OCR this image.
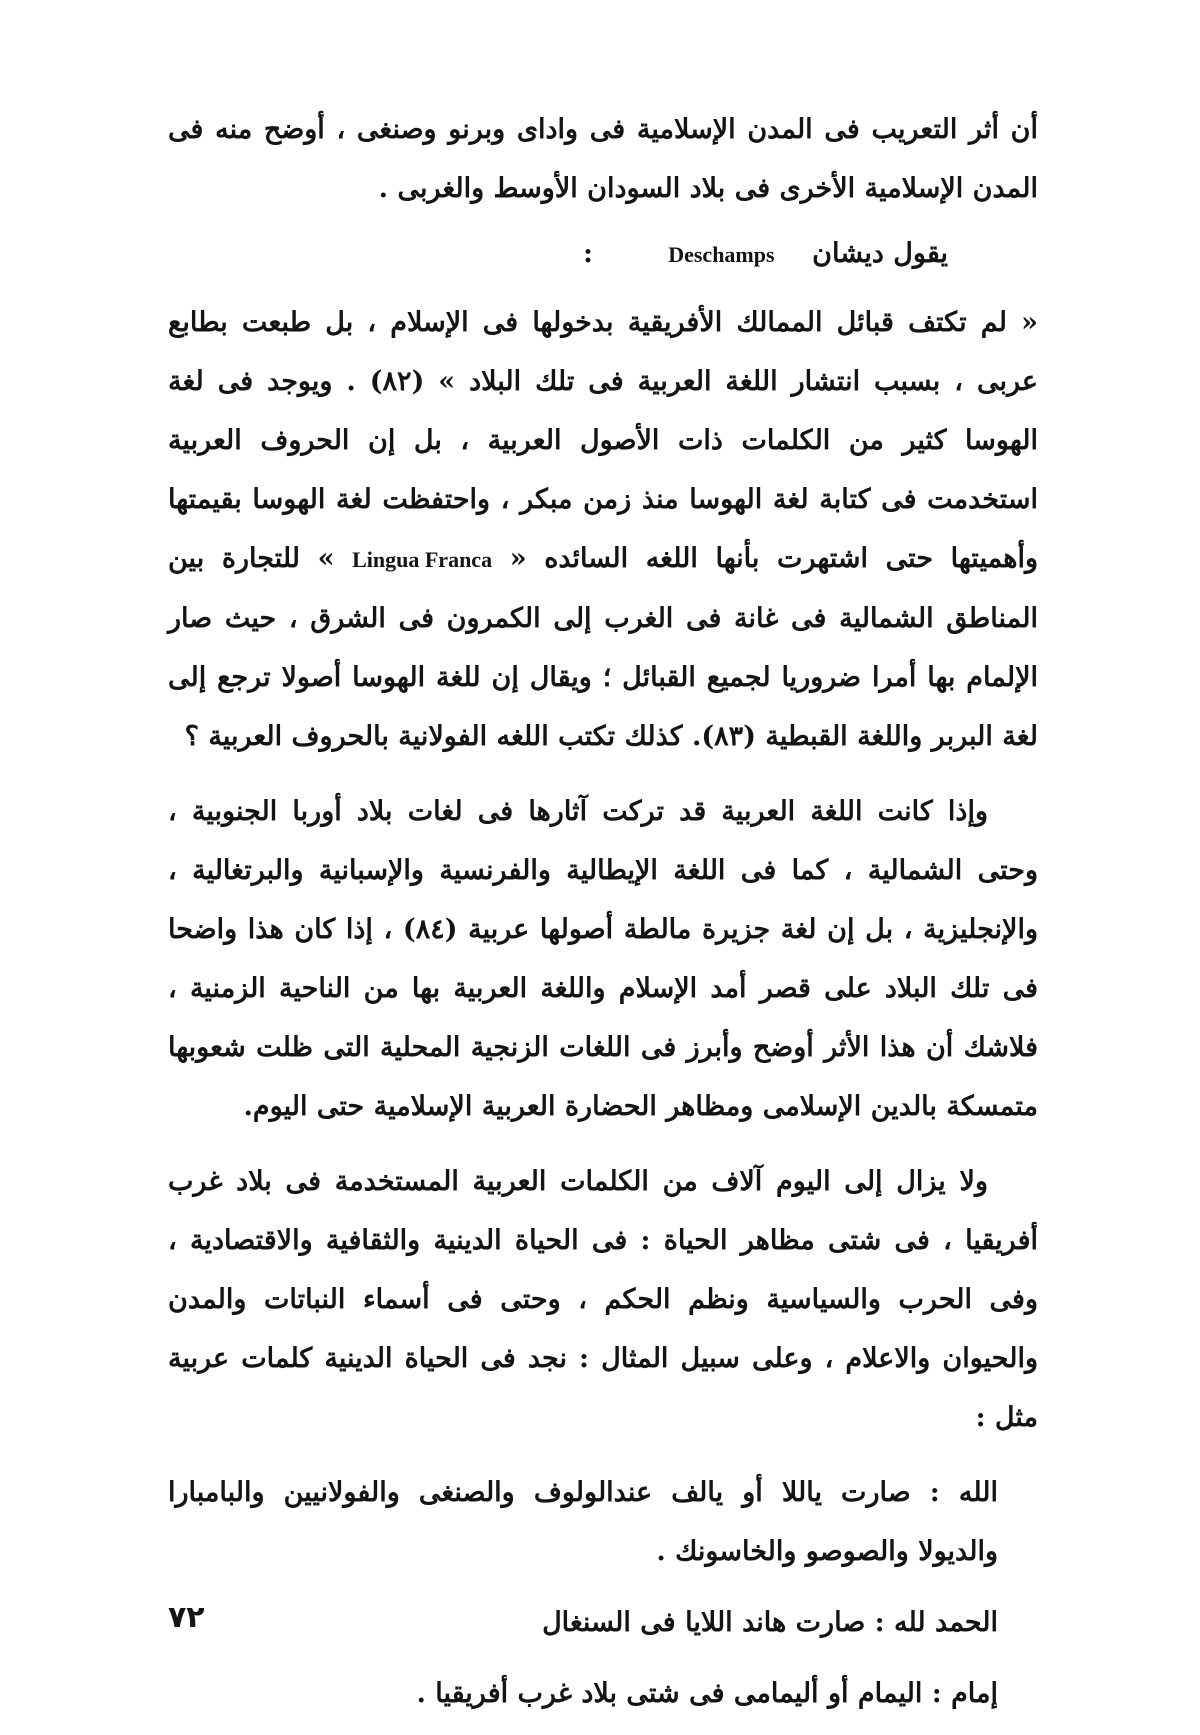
أن أثر التعريب فى المدن الإسلامية فى واداى وبرنو وصنغى ، أوضح منه فى المدن الإسلامية الأخرى فى بلاد السودان الأوسط والغربى .

يقول ديشان    Deschamps        :

« لم تكتف قبائل الممالك الأفريقية بدخولها فى الإسلام ، بل طبعت بطابع عربى ، بسبب انتشار اللغة العربية فى تلك البلاد » (٨٢) . ويوجد فى لغة الهوسا كثير من الكلمات ذات الأصول العربية ، بل إن الحروف العربية استخدمت فى كتابة لغة الهوسا منذ زمن مبكر ، واحتفظت لغة الهوسا بقيمتها وأهميتها حتى اشتهرت بأنها اللغه السائده « Lingua Franca » للتجارة بين المناطق الشمالية فى غانة فى الغرب إلى الكمرون فى الشرق ، حيث صار الإلمام بها أمرا ضروريا لجميع القبائل ؛ ويقال إن للغة الهوسا أصولا ترجع إلى لغة البربر واللغة القبطية (٨٣). كذلك تكتب اللغه الفولانية بالحروف العربية ؟

وإذا كانت اللغة العربية قد تركت آثارها فى لغات بلاد أوربا الجنوبية ، وحتى الشمالية ، كما فى اللغة الإيطالية والفرنسية والإسبانية والبرتغالية ، والإنجليزية ، بل إن لغة جزيرة مالطة أصولها عربية (٨٤) ، إذا كان هذا واضحا فى تلك البلاد على قصر أمد الإسلام واللغة العربية بها من الناحية الزمنية ، فلاشك أن هذا الأثر أوضح وأبرز فى اللغات الزنجية المحلية التى ظلت شعوبها متمسكة بالدين الإسلامى ومظاهر الحضارة العربية الإسلامية حتى اليوم.

ولا يزال إلى اليوم آلاف من الكلمات العربية المستخدمة فى بلاد غرب أفريقيا ، فى شتى مظاهر الحياة : فى الحياة الدينية والثقافية والاقتصادية ، وفى الحرب والسياسية ونظم الحكم ، وحتى فى أسماء النباتات والمدن والحيوان والاعلام ، وعلى سبيل المثال : نجد فى الحياة الدينية كلمات عربية مثل :

الله : صارت ياللا أو يالف عندالولوف والصنغى والفولانيين والبامبارا والديولا والصوصو والخاسونك .

الحمد لله : صارت هاند اللايا فى السنغال

إمام : اليمام أو أليمامى فى شتى بلاد غرب أفريقيا .

٧٢
